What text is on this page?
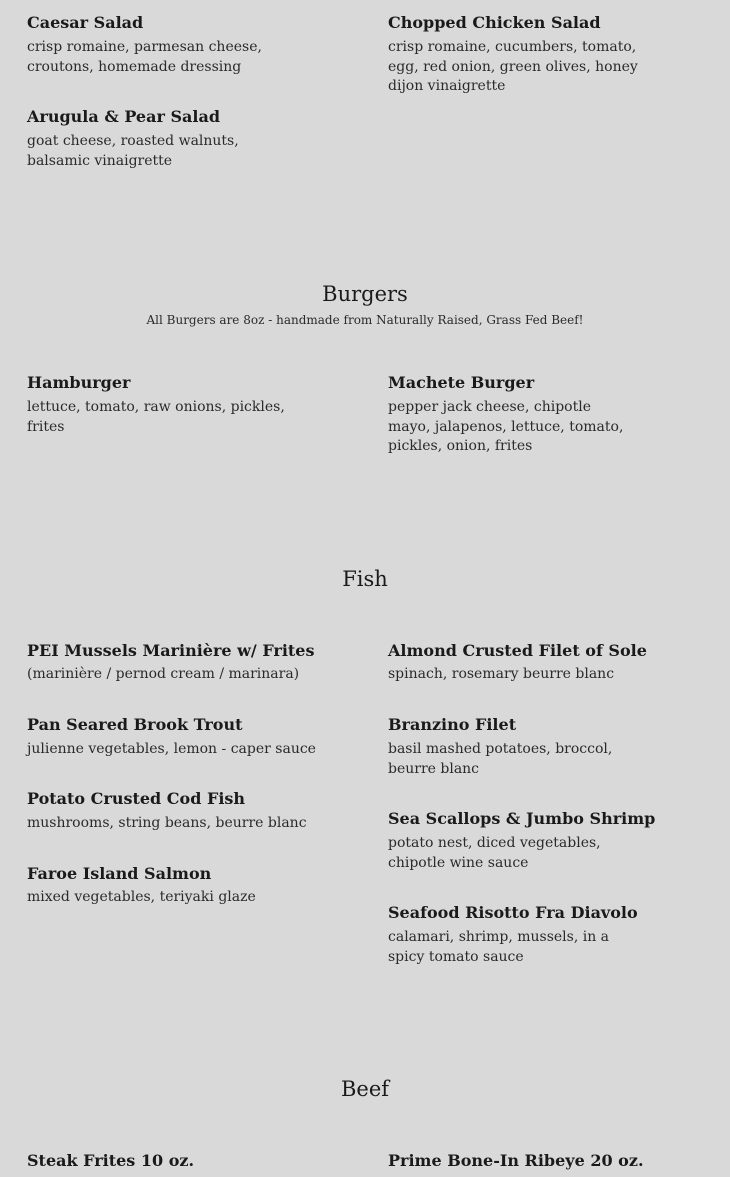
Caesar Salad
crisp romaine, parmesan cheese, croutons, homemade dressing
Arugula & Pear Salad
goat cheese, roasted walnuts, balsamic vinaigrette
Chopped Chicken Salad
crisp romaine, cucumbers, tomato, egg, red onion, green olives, honey dijon vinaigrette
Burgers
All Burgers are 8oz - handmade from Naturally Raised, Grass Fed Beef!
Hamburger
lettuce, tomato, raw onions, pickles, frites
Machete Burger
pepper jack cheese, chipotle mayo, jalapenos, lettuce, tomato, pickles, onion, frites
Fish
PEI Mussels Marinière w/ Frites
(marinière / pernod cream / marinara)
Pan Seared Brook Trout
julienne vegetables, lemon - caper sauce
Potato Crusted Cod Fish
mushrooms, string beans, beurre blanc
Faroe Island Salmon
mixed vegetables, teriyaki glaze
Almond Crusted Filet of Sole
spinach, rosemary beurre blanc
Branzino Filet
basil mashed potatoes, broccol, beurre blanc
Sea Scallops & Jumbo Shrimp
potato nest, diced vegetables, chipotle wine sauce
Seafood Risotto Fra Diavolo
calamari, shrimp, mussels, in a spicy tomato sauce
Beef
Steak Frites 10 oz.	Prime Bone-In Ribeye 20 oz.
